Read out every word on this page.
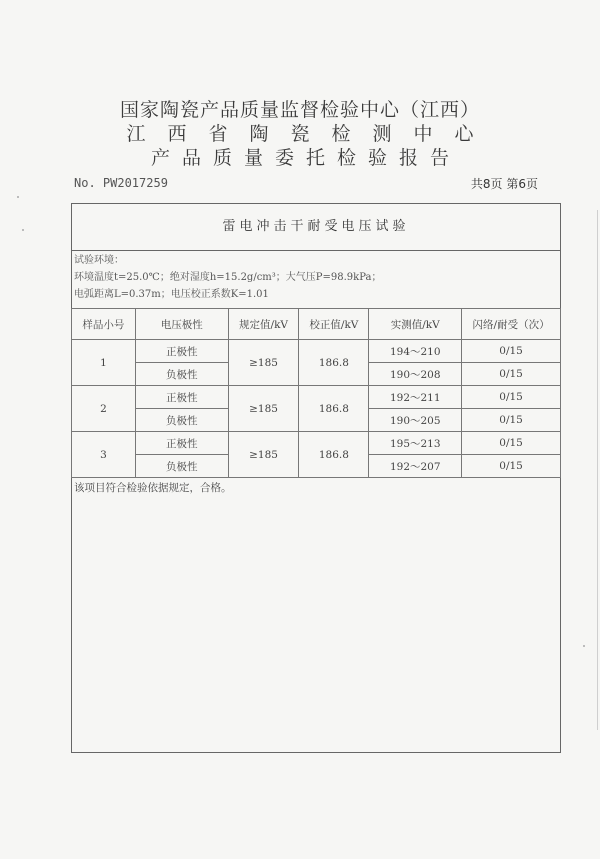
国家陶瓷产品质量监督检验中心（江西）
江西省陶瓷检测中心
产品质量委托检验报告
No. PW2017259	共8页 第6页
雷电冲击干耐受电压试验
试验环境：
环境温度t=25.0℃；绝对湿度h=15.2g/cm³；大气压P=98.9kPa；
电弧距离L=0.37m；电压校正系数K=1.01
样品小号	电压极性	规定值/kV	校正值/kV	实测值/kV	闪络/耐受（次）
1	正极性	≥185	186.8	194～210	0/15
	负极性			190～208	0/15
2	正极性	≥185	186.8	192～211	0/15
	负极性			190～205	0/15
3	正极性	≥185	186.8	195～213	0/15
	负极性			192～207	0/15
该项目符合检验依据规定，合格。
